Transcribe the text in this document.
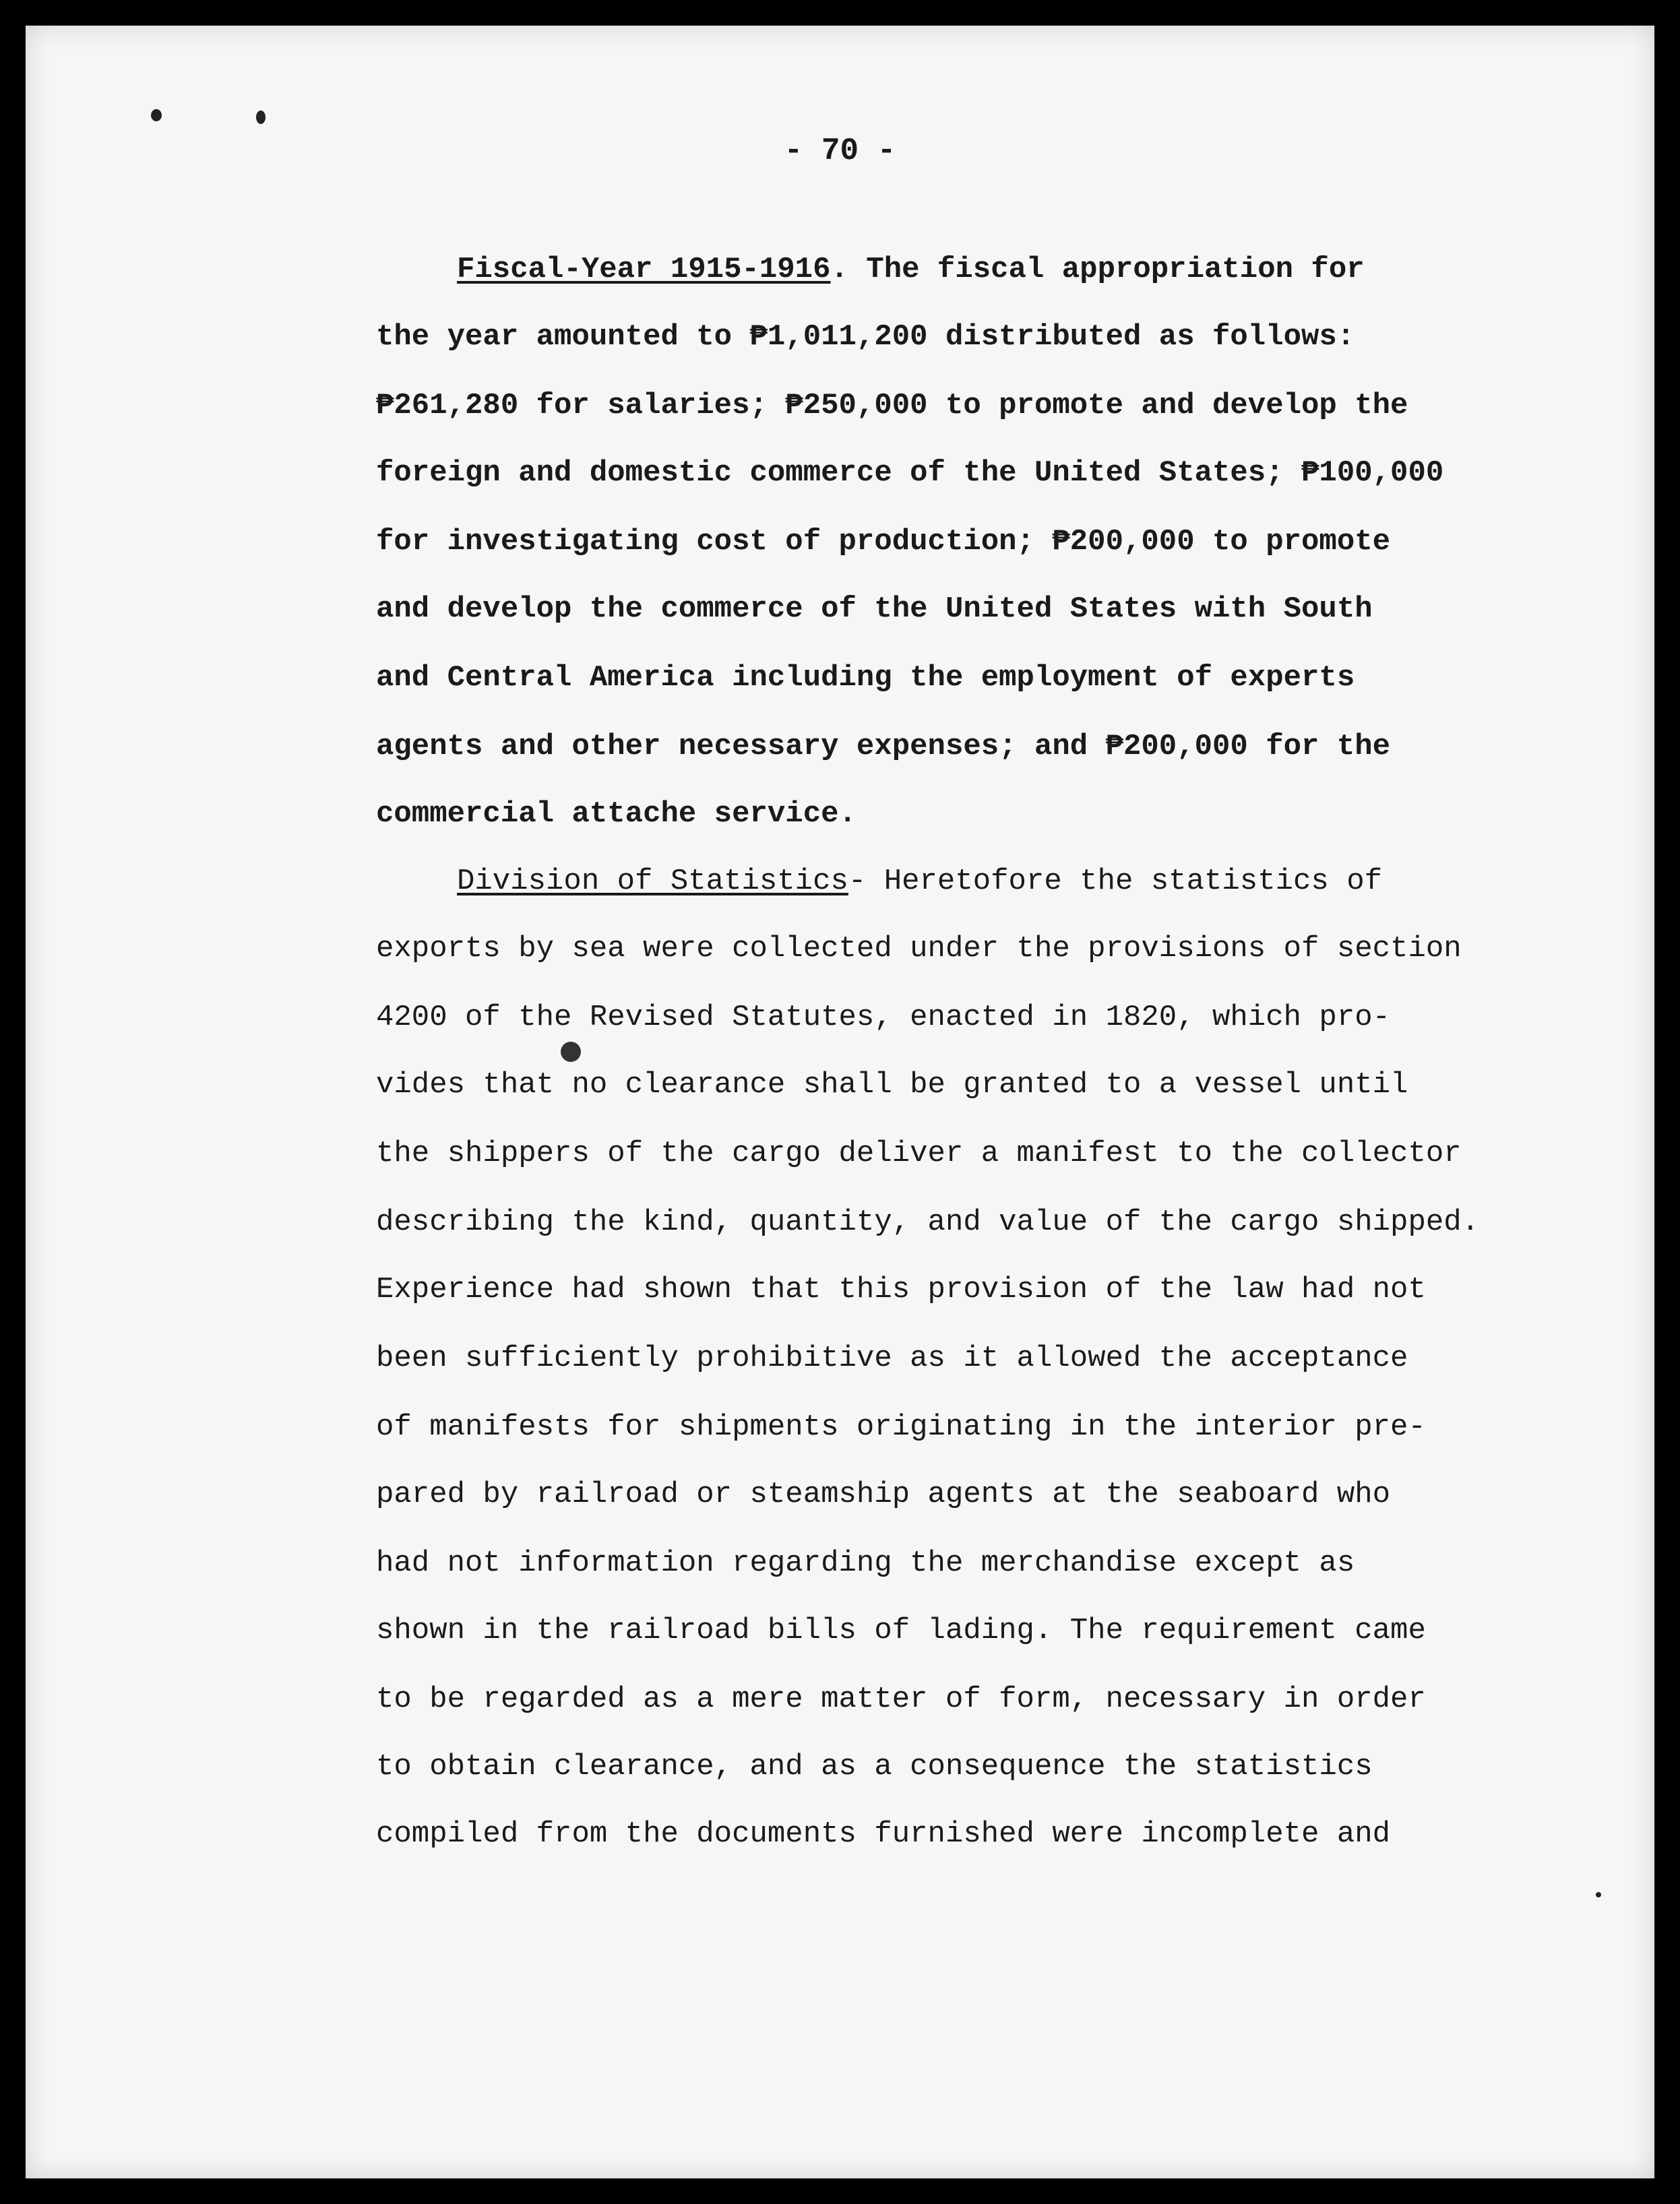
- 70 -
Fiscal-Year 1915-1916. The fiscal appropriation for
the year amounted to ₱1,011,200 distributed as follows:
₱261,280 for salaries; ₱250,000 to promote and develop the
foreign and domestic commerce of the United States; ₱100,000
for investigating cost of production; ₱200,000 to promote
and develop the commerce of the United States with South
and Central America including the employment of experts
agents and other necessary expenses; and ₱200,000 for the
commercial attache service.
Division of Statistics- Heretofore the statistics of
exports by sea were collected under the provisions of section
4200 of the Revised Statutes, enacted in 1820, which pro-
vides that no clearance shall be granted to a vessel until
the shippers of the cargo deliver a manifest to the collector
describing the kind, quantity, and value of the cargo shipped.
Experience had shown that this provision of the law had not
been sufficiently prohibitive as it allowed the acceptance
of manifests for shipments originating in the interior pre-
pared by railroad or steamship agents at the seaboard who
had not information regarding the merchandise except as
shown in the railroad bills of lading. The requirement came
to be regarded as a mere matter of form, necessary in order
to obtain clearance, and as a consequence the statistics
compiled from the documents furnished were incomplete and
